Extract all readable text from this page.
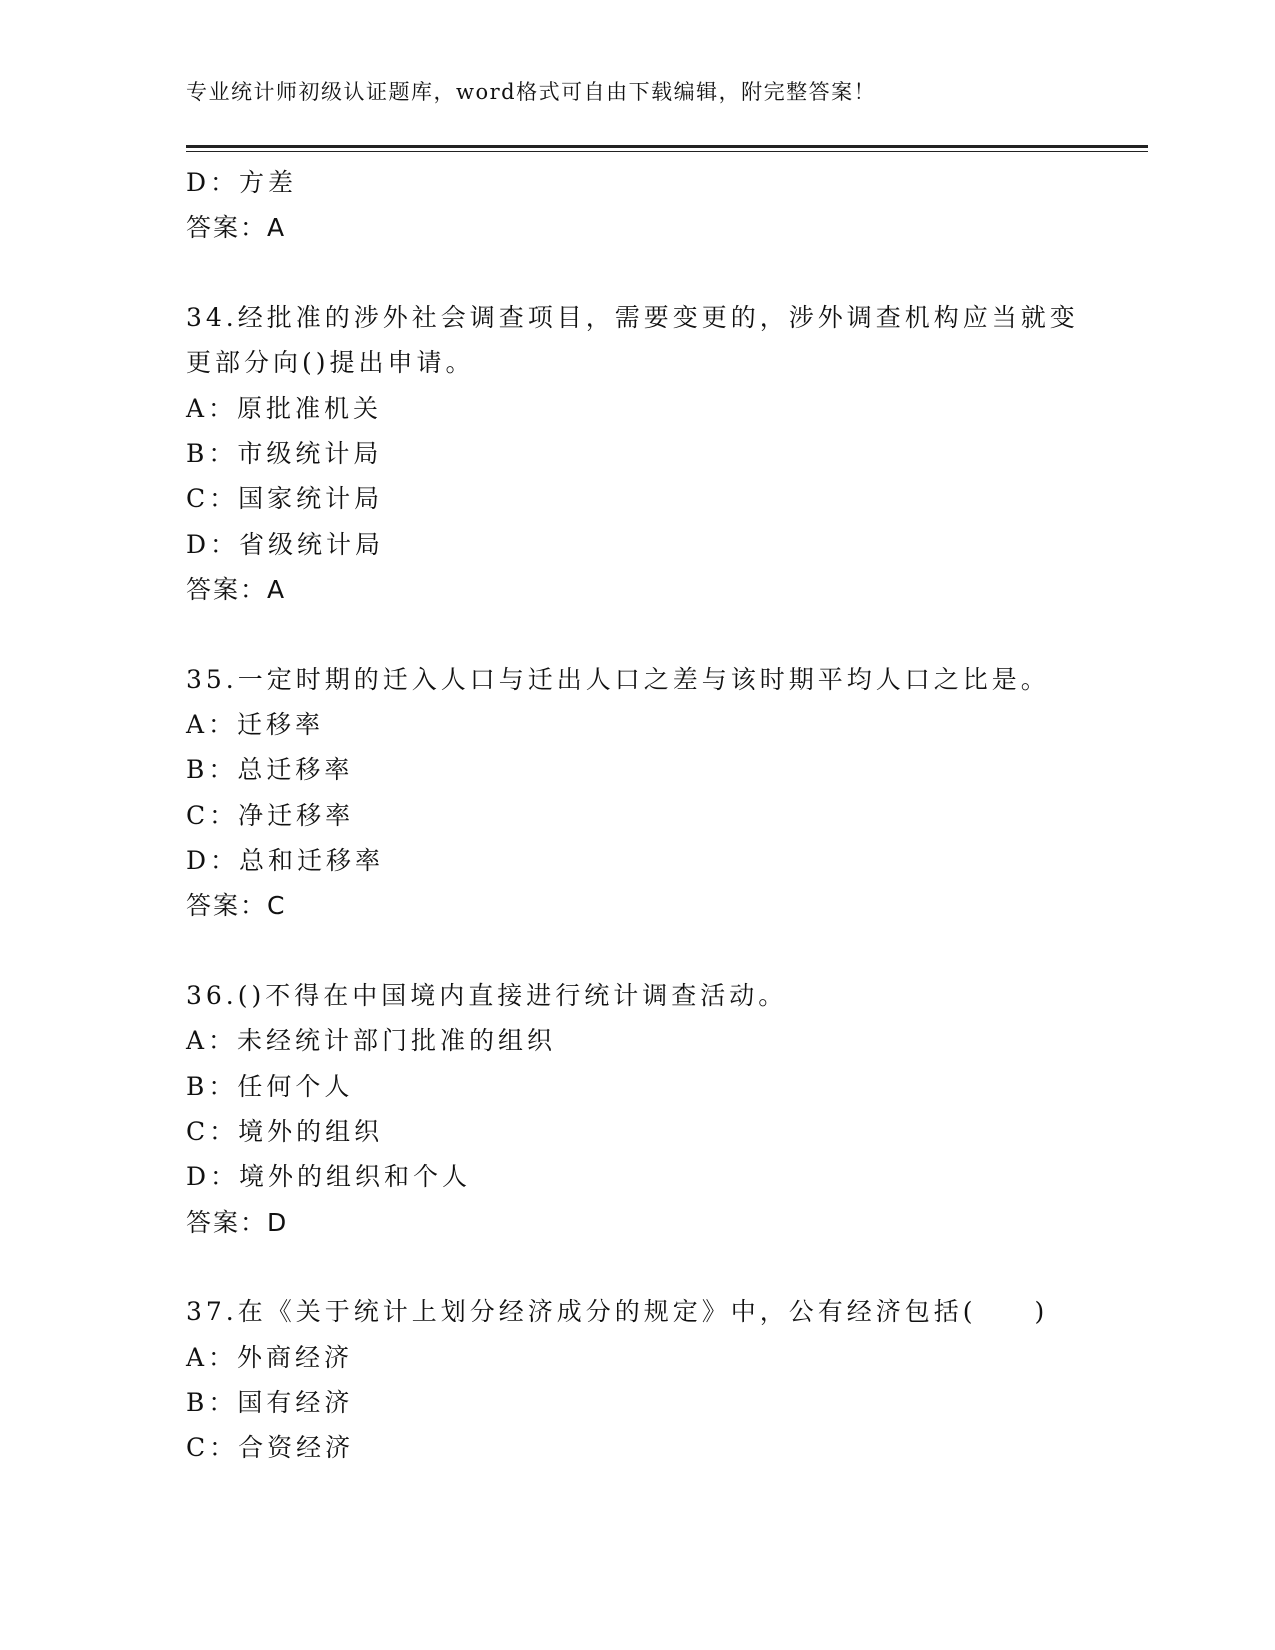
专业统计师初级认证题库，word格式可自由下载编辑，附完整答案！
D：方差
答案：A
34.经批准的涉外社会调查项目，需要变更的，涉外调查机构应当就变
更部分向()提出申请。
A：原批准机关
B：市级统计局
C：国家统计局
D：省级统计局
答案：A
35.一定时期的迁入人口与迁出人口之差与该时期平均人口之比是。
A：迁移率
B：总迁移率
C：净迁移率
D：总和迁移率
答案：C
36.()不得在中国境内直接进行统计调查活动。
A：未经统计部门批准的组织
B：任何个人
C：境外的组织
D：境外的组织和个人
答案：D
37.在《关于统计上划分经济成分的规定》中，公有经济包括(　　)
A：外商经济
B：国有经济
C：合资经济
